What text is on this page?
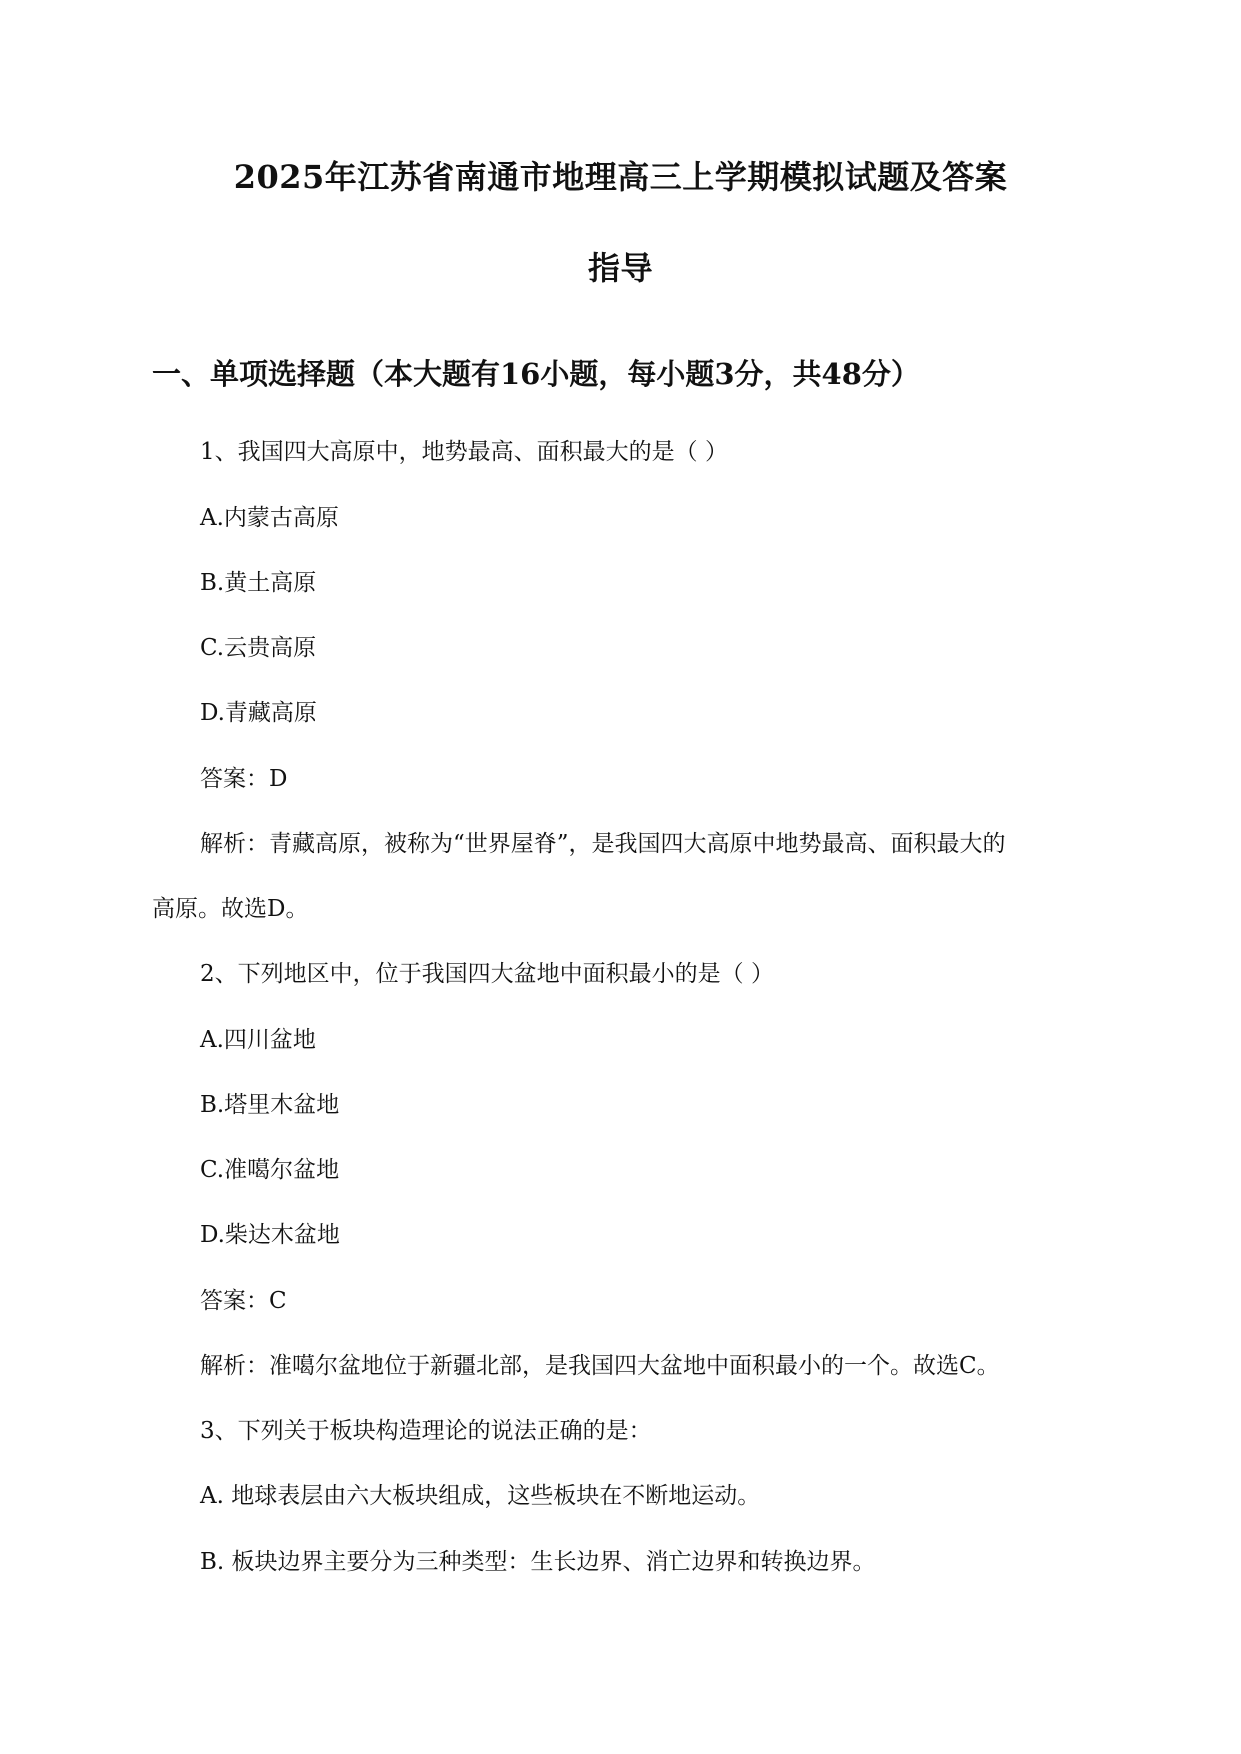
2025年江苏省南通市地理高三上学期模拟试题及答案
指导
一、单项选择题（本大题有16小题，每小题3分，共48分）
1、我国四大高原中，地势最高、面积最大的是（ ）
A.内蒙古高原
B.黄土高原
C.云贵高原
D.青藏高原
答案：D
解析：青藏高原，被称为“世界屋脊”，是我国四大高原中地势最高、面积最大的
高原。故选D。
2、下列地区中，位于我国四大盆地中面积最小的是（ ）
A.四川盆地
B.塔里木盆地
C.准噶尔盆地
D.柴达木盆地
答案：C
解析：准噶尔盆地位于新疆北部，是我国四大盆地中面积最小的一个。故选C。
3、下列关于板块构造理论的说法正确的是：
A. 地球表层由六大板块组成，这些板块在不断地运动。
B. 板块边界主要分为三种类型：生长边界、消亡边界和转换边界。
